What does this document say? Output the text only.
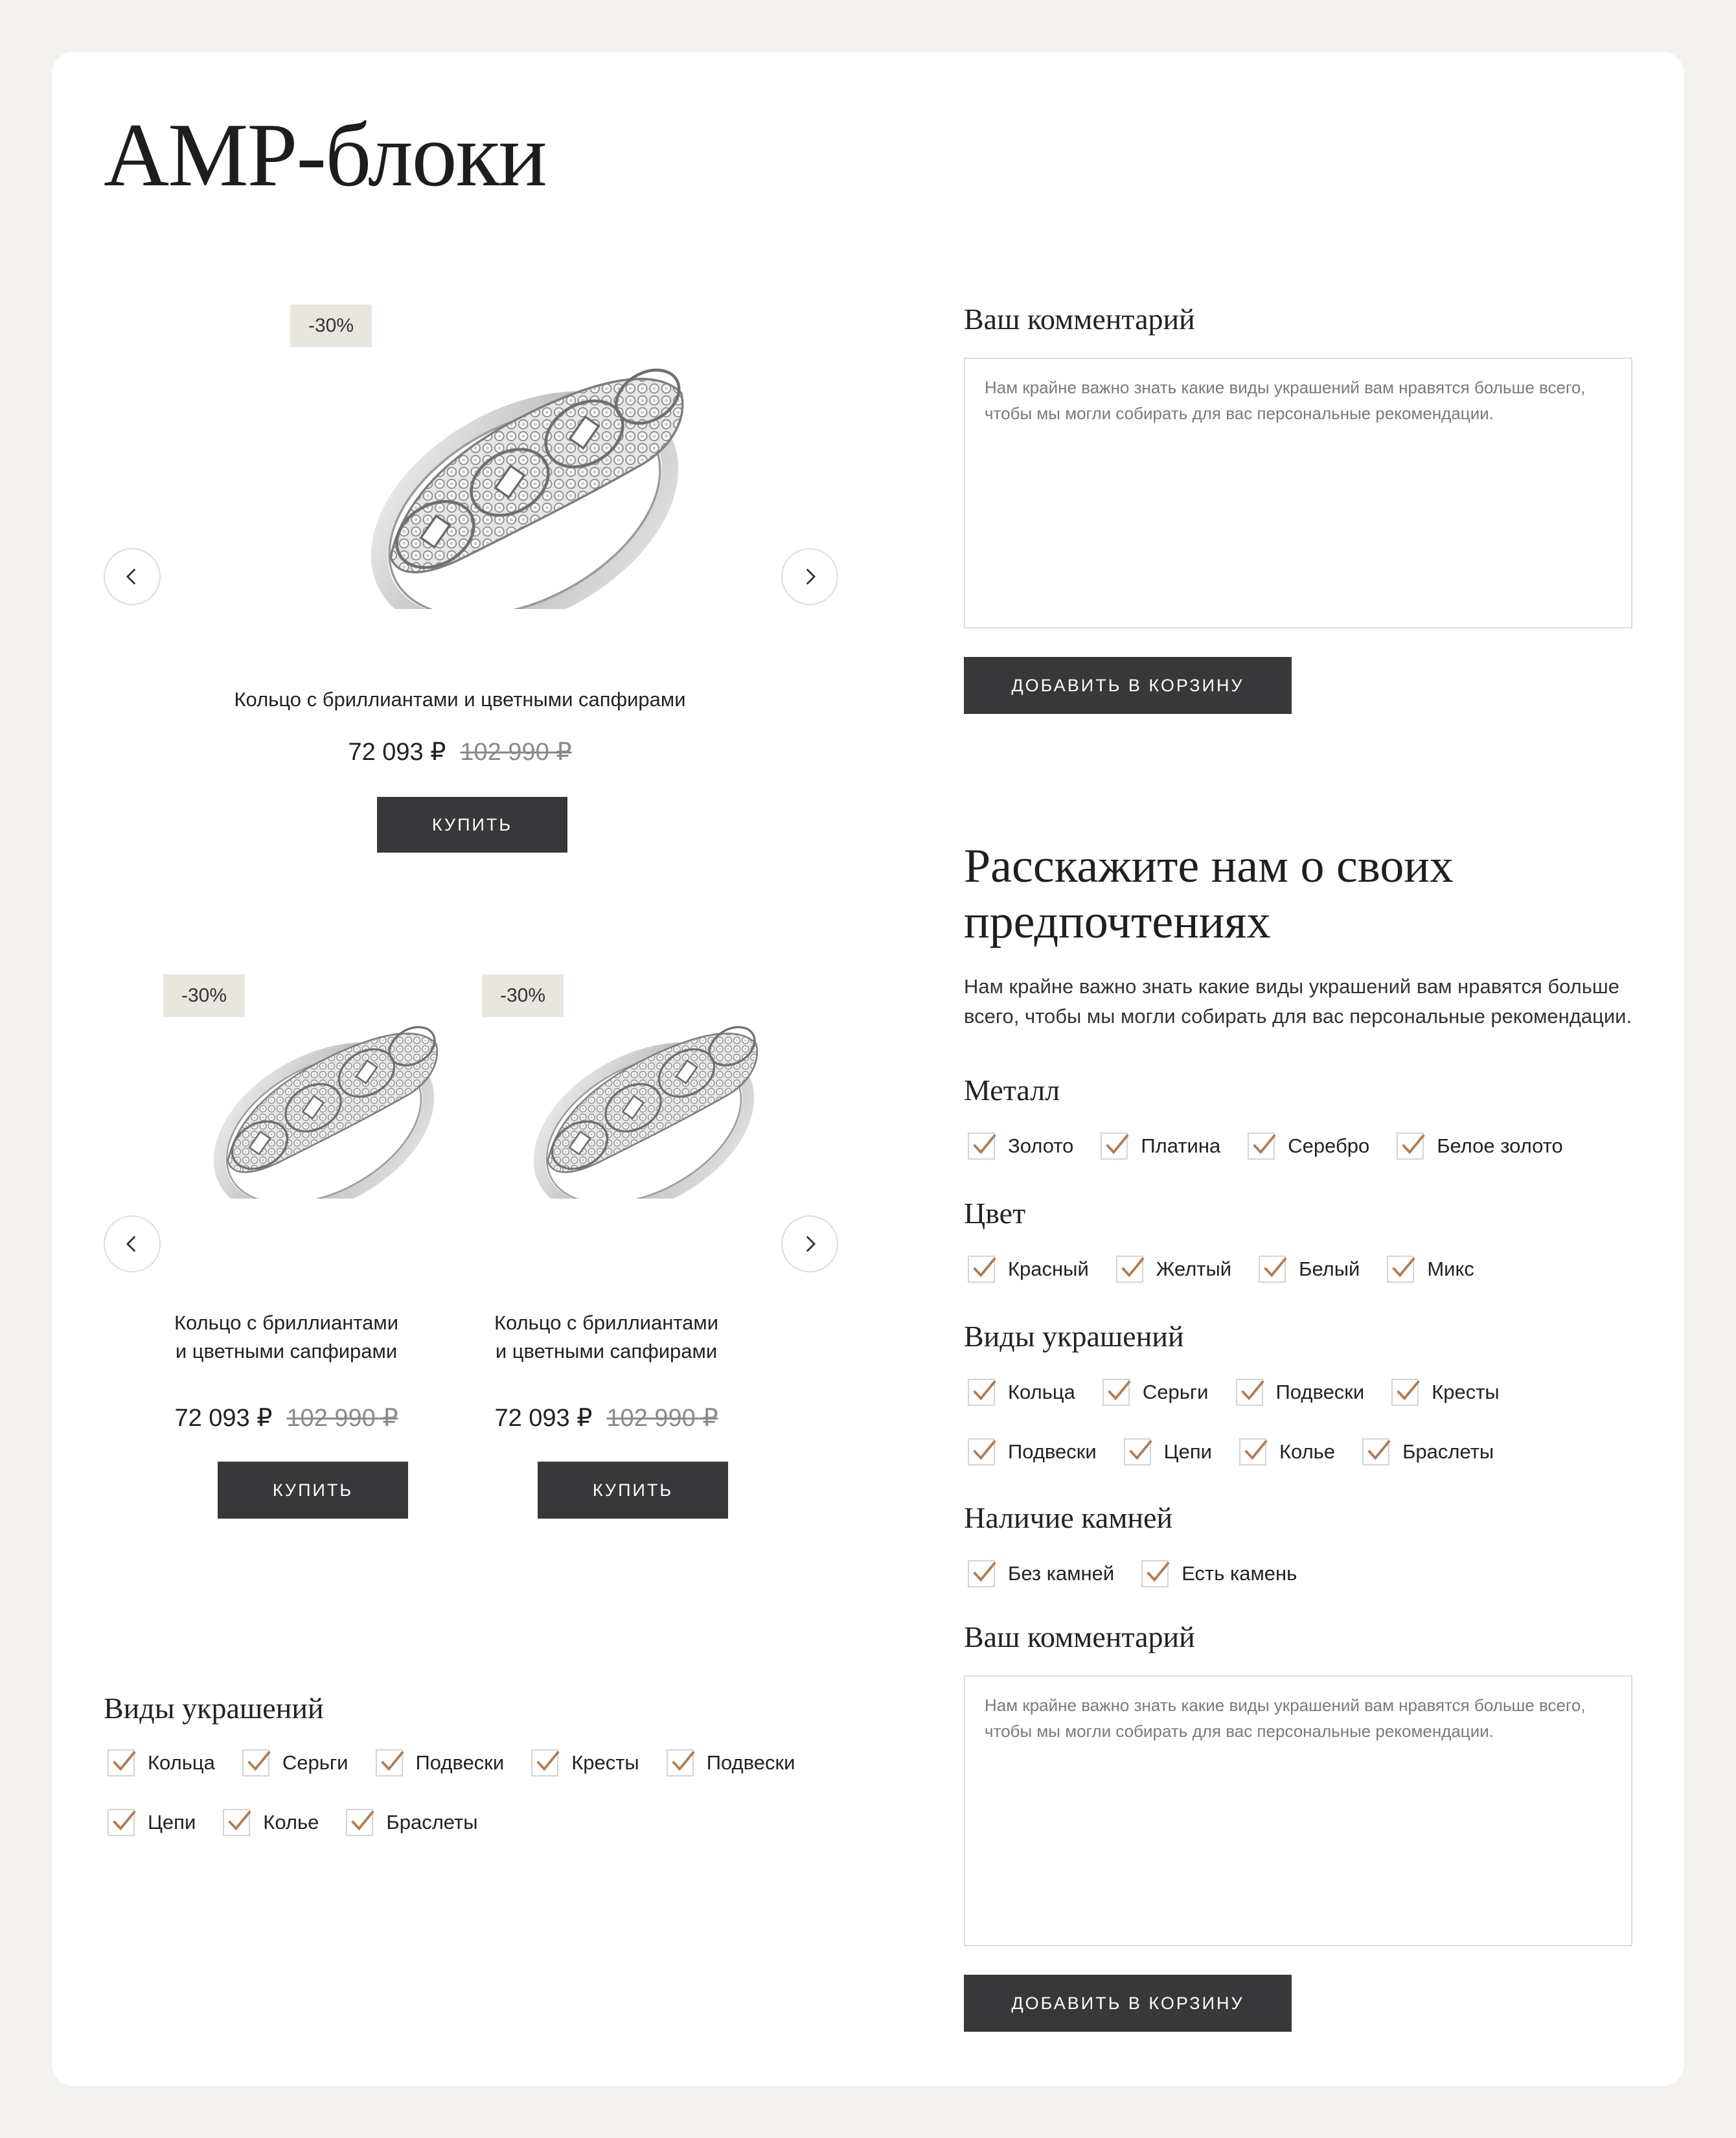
АМР-блоки
-30%
Кольцо с бриллиантами и цветными сапфирами
72 093 ₽ 102 990 ₽
КУПИТЬ
-30%	-30%
Кольцо с бриллиантами
и цветными сапфирами
Кольцо с бриллиантами
и цветными сапфирами
72 093 ₽ 102 990 ₽	72 093 ₽ 102 990 ₽
КУПИТЬ	КУПИТЬ
Виды украшений
Кольца	Серьги	Подвески	Кресты	Подвески
Цепи	Колье	Браслеты
Ваш комментарий
Нам крайне важно знать какие виды украшений вам нравятся больше всего, чтобы мы могли собирать для вас персональные рекомендации.
ДОБАВИТЬ В КОРЗИНУ
Расскажите нам о своих
предпочтениях
Нам крайне важно знать какие виды украшений вам нравятся больше
всего, чтобы мы могли собирать для вас персональные рекомендации.
Металл
Золото	Платина	Серебро	Белое золото
Цвет
Красный	Желтый	Белый	Микс
Виды украшений
Кольца	Серьги	Подвески	Кресты
Подвески	Цепи	Колье	Браслеты
Наличие камней
Без камней	Есть камень
Ваш комментарий
Нам крайне важно знать какие виды украшений вам нравятся больше всего, чтобы мы могли собирать для вас персональные рекомендации.
ДОБАВИТЬ В КОРЗИНУ
